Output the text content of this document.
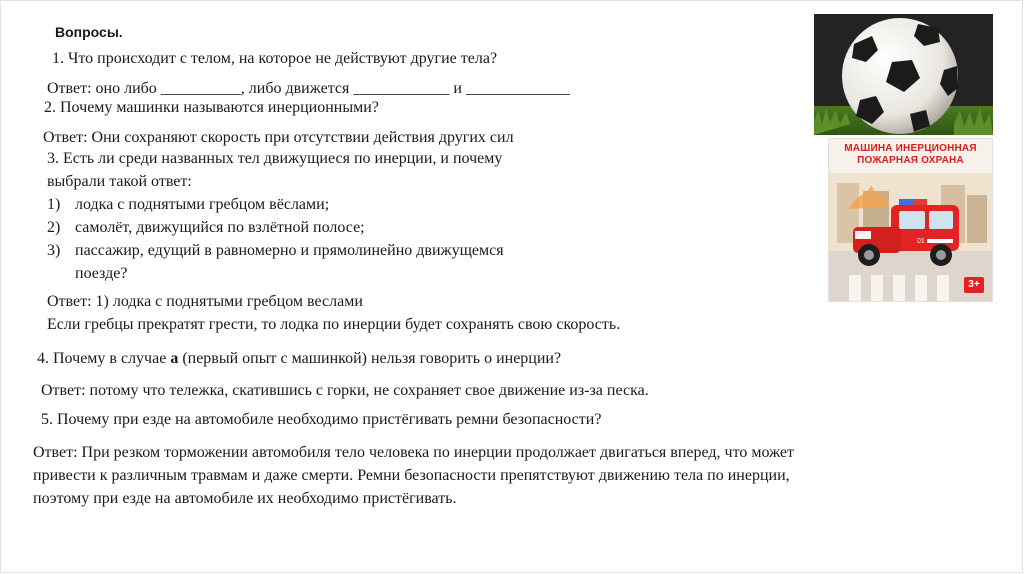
Вопросы.
1. Что происходит с телом, на которое не действуют другие тела?
Ответ: оно либо __________, либо движется ____________ и _____________
2. Почему машинки называются инерционными?
Ответ: Они сохраняют скорость при отсутствии действия других сил
3. Есть ли среди названных тел движущиеся по инерции, и почему
выбрали такой ответ:
1) лодка с поднятыми гребцом вёслами;
2) самолёт, движущийся по взлётной полосе;
3) пассажир, едущий в равномерно и прямолинейно движущемся
поезде?
Ответ: 1) лодка с поднятыми гребцом веслами
Если гребцы прекратят грести, то лодка по инерции будет сохранять свою скорость.
4. Почему в случае а (первый опыт с машинкой) нельзя говорить о инерции?
Ответ: потому что тележка, скатившись с горки, не сохраняет свое движение из-за песка.
5. Почему при езде на автомобиле необходимо пристёгивать ремни безопасности?
Ответ: При резком торможении автомобиля тело человека по инерции продолжает двигаться вперед, что может
привести к различным травмам и даже смерти. Ремни безопасности препятствуют движению тела по инерции,
поэтому при езде на автомобиле их необходимо пристёгивать.
МАШИНА ИНЕРЦИОННАЯ
ПОЖАРНАЯ ОХРАНА
01
3+
